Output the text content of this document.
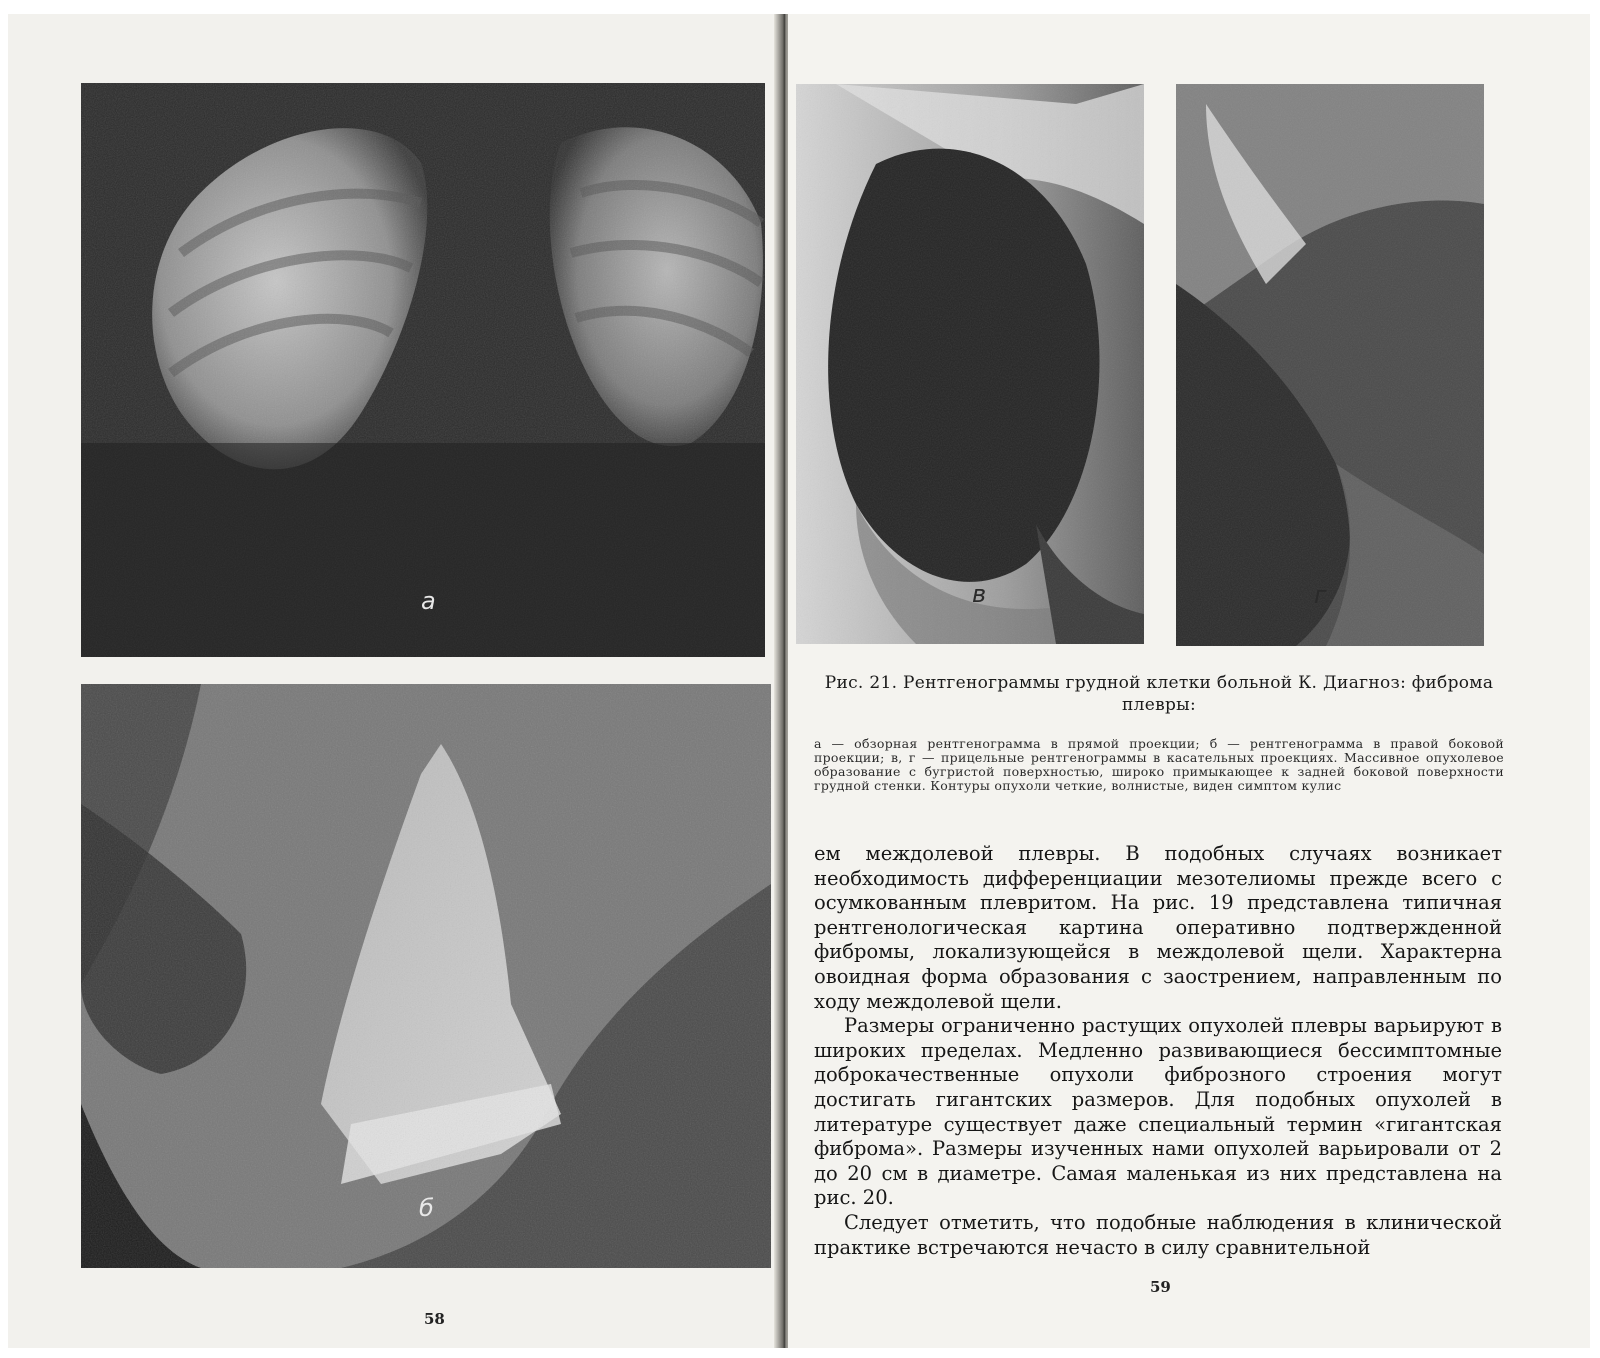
а
б
58
в	г
Рис. 21. Рентгенограммы грудной клетки больной К. Диагноз: фиброма плевры:
а — обзорная рентгенограмма в прямой проекции; б — рентгенограмма в правой боковой проекции; в, г — прицельные рентгенограммы в касательных проекциях. Массивное опухолевое образование с бугристой поверхностью, широко примыкающее к задней боковой поверхности грудной стенки. Контуры опухоли четкие, волнистые, виден симптом кулис

ем междолевой плевры. В подобных случаях возникает необходимость дифференциации мезотелиомы прежде всего с осумкованным плевритом. На рис. 19 представлена типичная рентгенологическая картина оперативно подтвержденной фибромы, локализующейся в междолевой щели. Характерна овоидная форма образования с заострением, направленным по ходу междолевой щели.

Размеры ограниченно растущих опухолей плевры варьируют в широких пределах. Медленно развивающиеся бессимптомные доброкачественные опухоли фиброзного строения могут достигать гигантских размеров. Для подобных опухолей в литературе существует даже специальный термин «гигантская фиброма». Размеры изученных нами опухолей варьировали от 2 до 20 см в диаметре. Самая маленькая из них представлена на рис. 20.

Следует отметить, что подобные наблюдения в клинической практике встречаются нечасто в силу сравнительной

59
